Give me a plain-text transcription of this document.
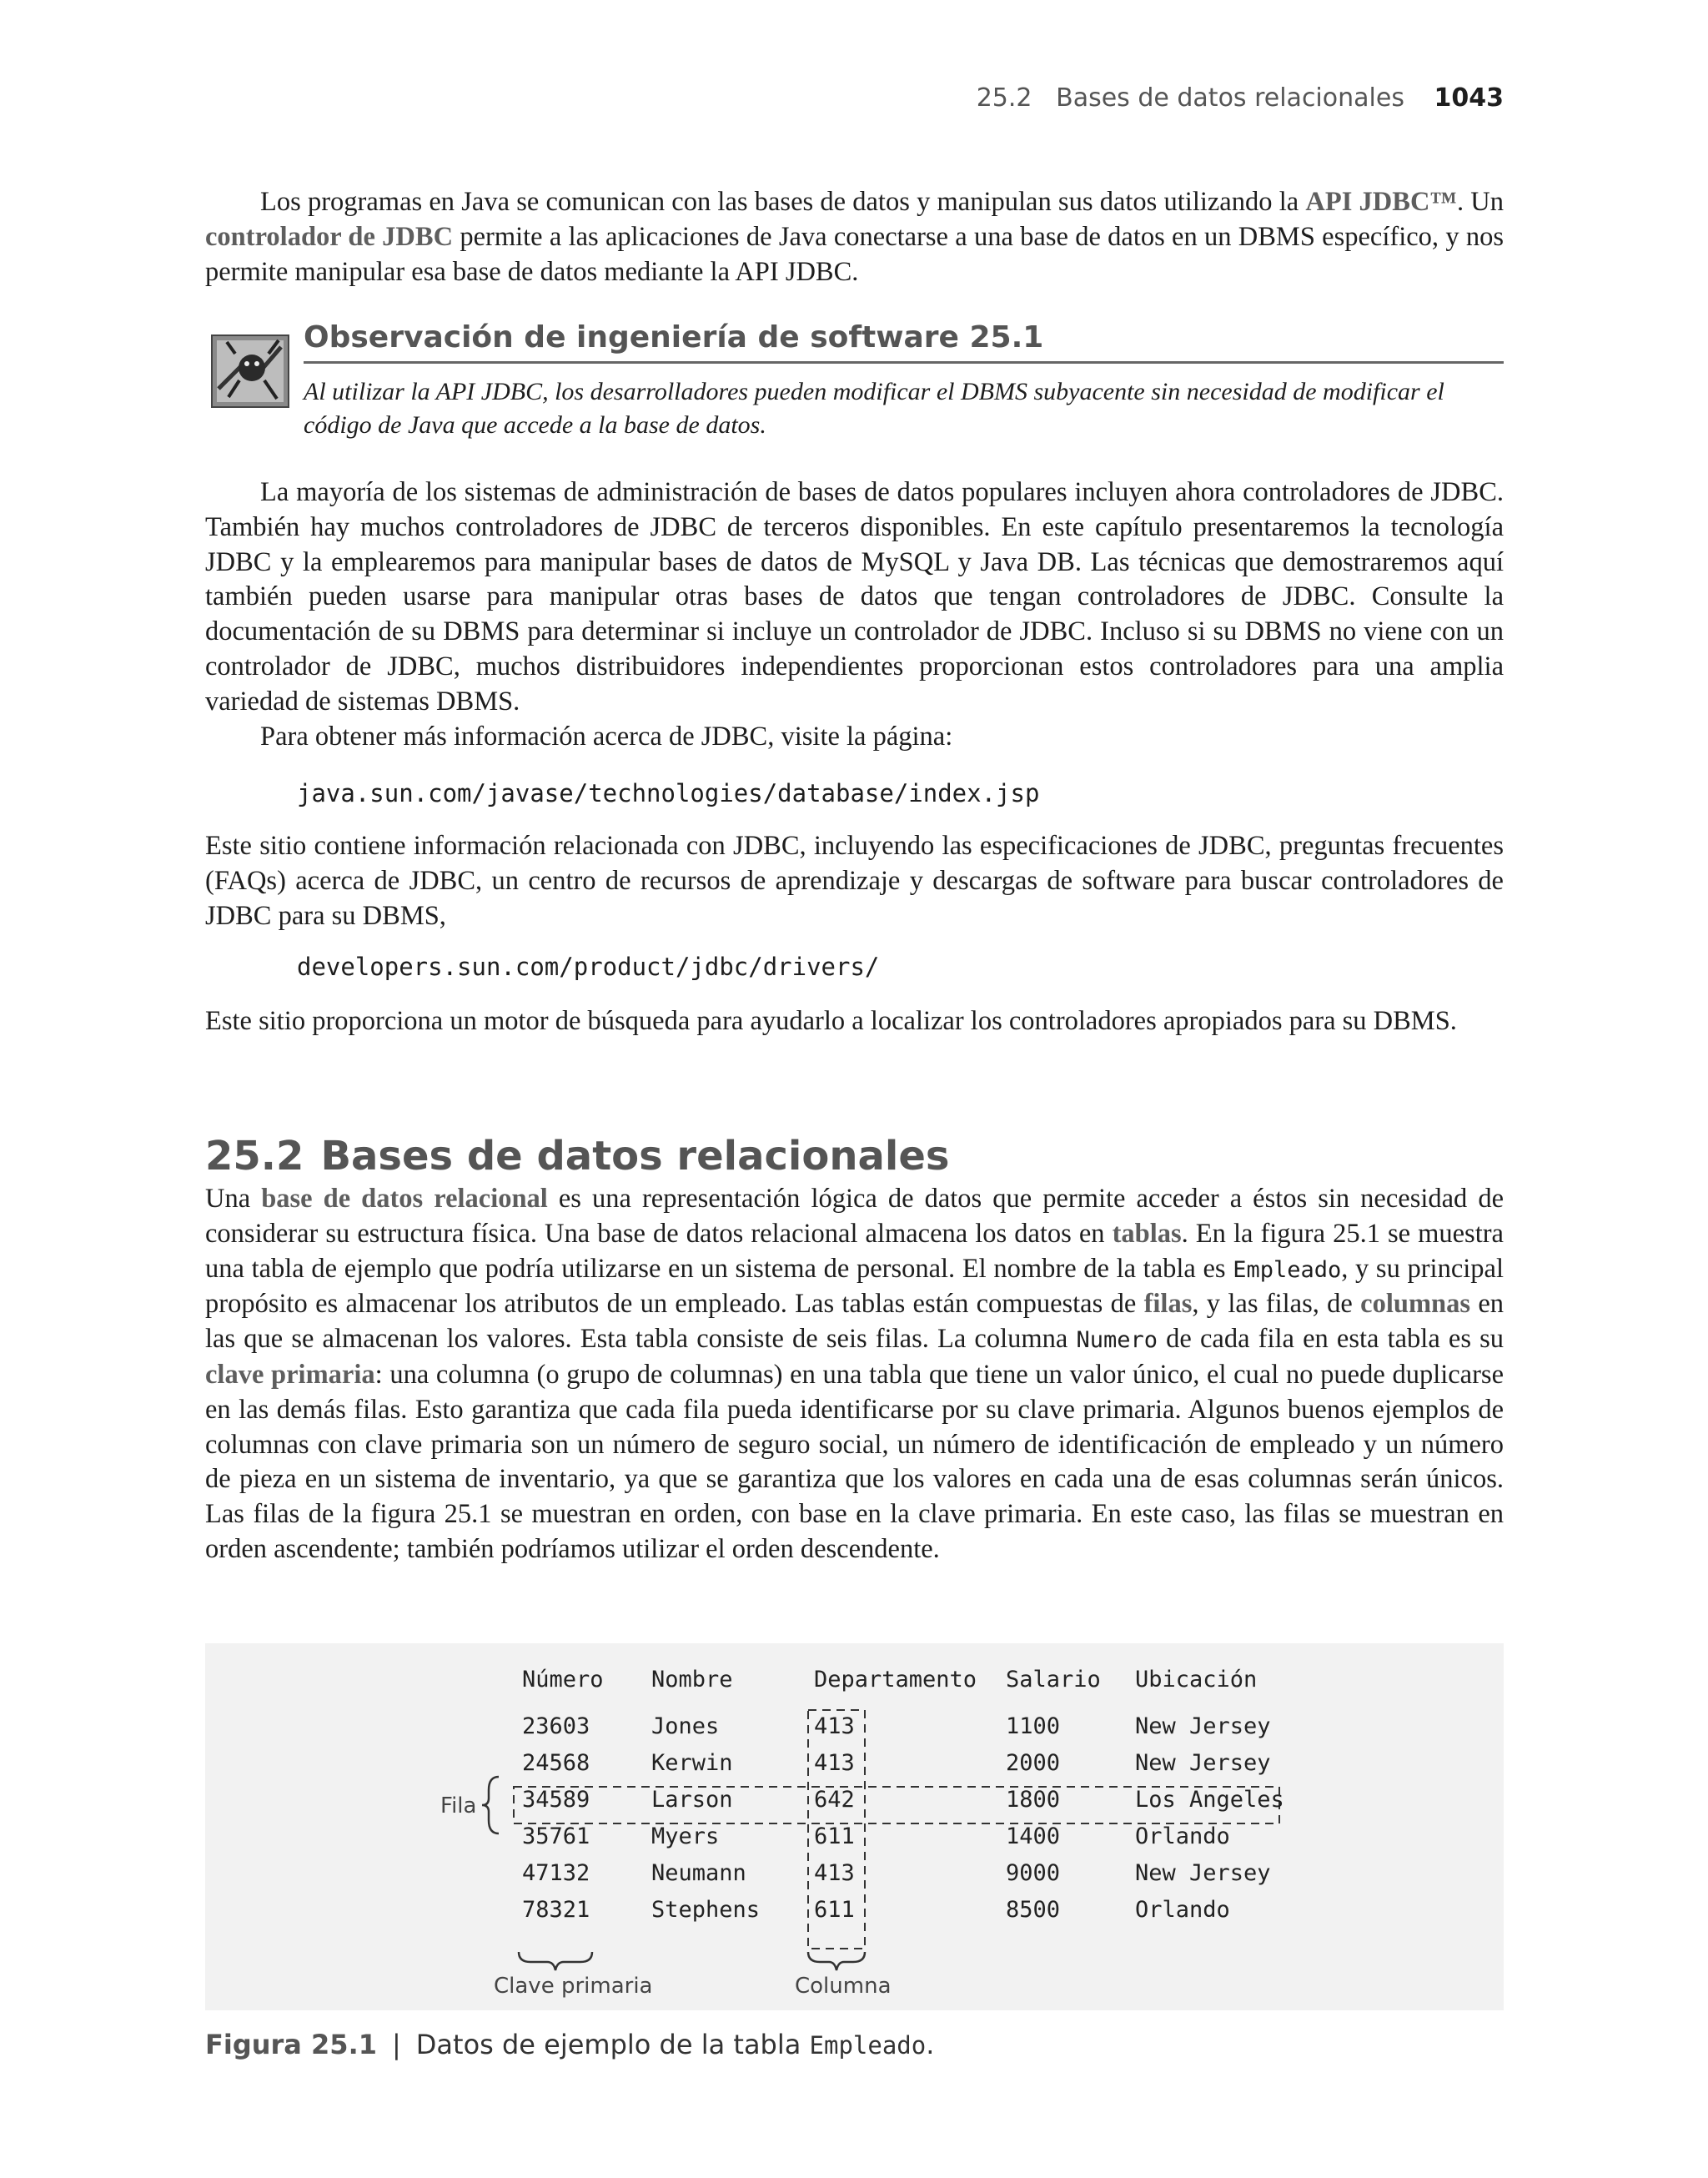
25.2 Bases de datos relacionales 1043

Los programas en Java se comunican con las bases de datos y manipulan sus datos utilizando la API JDBC™. Un controlador de JDBC permite a las aplicaciones de Java conectarse a una base de datos en un DBMS específico, y nos permite manipular esa base de datos mediante la API JDBC.

Observación de ingeniería de software 25.1
Al utilizar la API JDBC, los desarrolladores pueden modificar el DBMS subyacente sin necesidad de modificar el código de Java que accede a la base de datos.

La mayoría de los sistemas de administración de bases de datos populares incluyen ahora controladores de JDBC. También hay muchos controladores de JDBC de terceros disponibles. En este capítulo presentaremos la tecnología JDBC y la emplearemos para manipular bases de datos de MySQL y Java DB. Las técnicas que demostraremos aquí también pueden usarse para manipular otras bases de datos que tengan controladores de JDBC. Consulte la documentación de su DBMS para determinar si incluye un controlador de JDBC. Incluso si su DBMS no viene con un controlador de JDBC, muchos distribuidores independientes proporcionan estos controladores para una amplia variedad de sistemas DBMS.

Para obtener más información acerca de JDBC, visite la página:

java.sun.com/javase/technologies/database/index.jsp

Este sitio contiene información relacionada con JDBC, incluyendo las especificaciones de JDBC, preguntas frecuentes (FAQs) acerca de JDBC, un centro de recursos de aprendizaje y descargas de software para buscar controladores de JDBC para su DBMS,

developers.sun.com/product/jdbc/drivers/

Este sitio proporciona un motor de búsqueda para ayudarlo a localizar los controladores apropiados para su DBMS.

25.2 Bases de datos relacionales

Una base de datos relacional es una representación lógica de datos que permite acceder a éstos sin necesidad de considerar su estructura física. Una base de datos relacional almacena los datos en tablas. En la figura 25.1 se muestra una tabla de ejemplo que podría utilizarse en un sistema de personal. El nombre de la tabla es Empleado, y su principal propósito es almacenar los atributos de un empleado. Las tablas están compuestas de filas, y las filas, de columnas en las que se almacenan los valores. Esta tabla consiste de seis filas. La columna Numero de cada fila en esta tabla es su clave primaria: una columna (o grupo de columnas) en una tabla que tiene un valor único, el cual no puede duplicarse en las demás filas. Esto garantiza que cada fila pueda identificarse por su clave primaria. Algunos buenos ejemplos de columnas con clave primaria son un número de seguro social, un número de identificación de empleado y un número de pieza en un sistema de inventario, ya que se garantiza que los valores en cada una de esas columnas serán únicos. Las filas de la figura 25.1 se muestran en orden, con base en la clave primaria. En este caso, las filas se muestran en orden ascendente; también podríamos utilizar el orden descendente.

Número Nombre	Departamento Salario Ubicación
23603	Jones	413	1100	New Jersey
24568	Kerwin	413	2000	New Jersey
34589	Larson	642	1800	Los Angeles
35761	Myers	611	1400	Orlando
47132	Neumann	413	9000	New Jersey
78321	Stephens 611	8500	Orlando
Fila
Clave primaria	Columna
Figura 25.1 | Datos de ejemplo de la tabla Empleado.
